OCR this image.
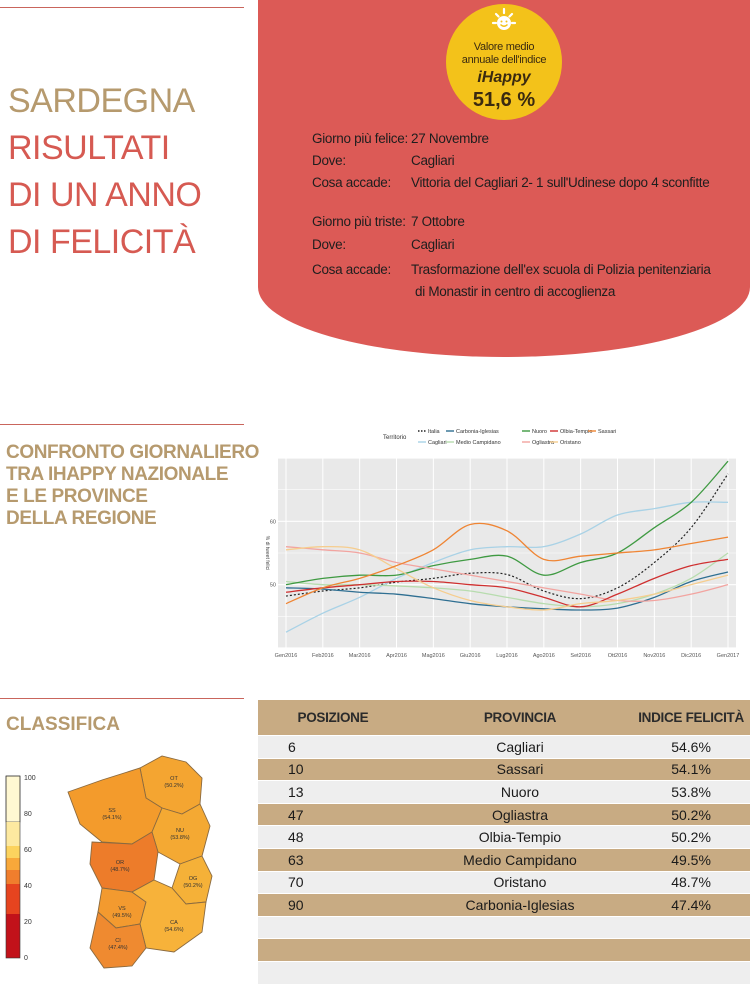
SARDEGNA
RISULTATI
DI UN ANNO
DI FELICITÀ
Valore medio
annuale dell'indice
iHappy
51,6 %
Giorno più felice: 27 Novembre
Dove:	Cagliari
Cosa accade: Vittoria del Cagliari 2- 1 sull'Udinese dopo 4 sconfitte
Giorno più triste: 7 Ottobre
Dove:	Cagliari
Cosa accade: Trasformazione dell'ex scuola di Polizia penitenziaria
di Monastir in centro di accoglienza
CONFRONTO GIORNALIERO
TRA IHAPPY NAZIONALE
E LE PROVINCE
DELLA REGIONE
Gen2016	Feb2016	Mar2016	Apr2016	Mag2016	Giu2016	Lug2016	Ago2016	Set2016	Ott2016	Nov2016	Dic2016	Gen2017
50
60
% di tweet felici
Territorio
Italia
Cagliari
Carbonia-Iglesias
Medio Campidano
Nuoro
Ogliastra
Olbia-Tempio
Oristano
Sassari
CLASSIFICA
100
80
60
40
20
0
OT
(50.2%)
SS
(54.1%)
NU
(53.8%)
OR
(48.7%)
OG
(50.2%)
VS
(49.5%)
CA
(54.6%)
CI
(47.4%)
POSIZIONE	PROVINCIA	INDICE FELICITÀ
6	Cagliari	54.6%
10	Sassari	54.1%
13	Nuoro	53.8%
47	Ogliastra	50.2%
48	Olbia-Tempio	50.2%
63	Medio Campidano	49.5%
70	Oristano	48.7%
90	Carbonia-Iglesias	47.4%
